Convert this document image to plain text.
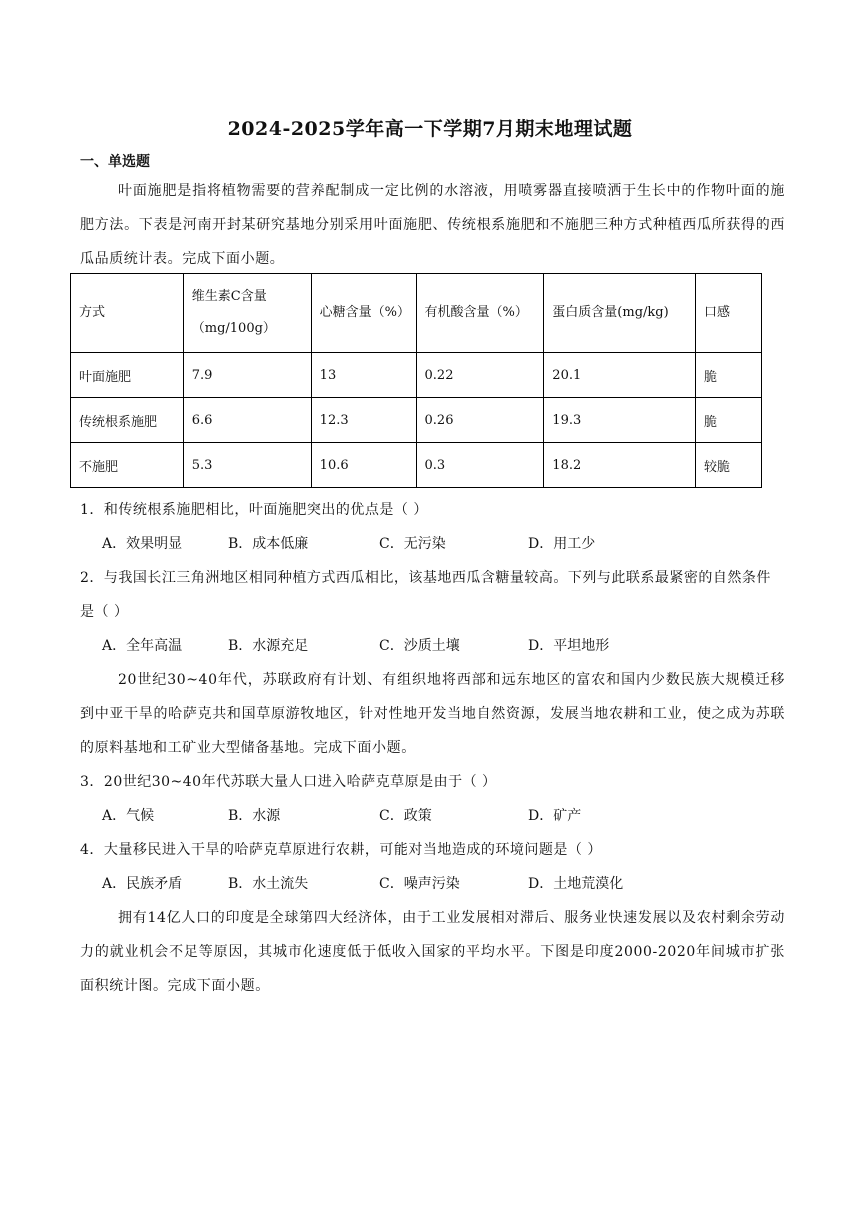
2024-2025学年高一下学期7月期末地理试题
一、单选题
叶面施肥是指将植物需要的营养配制成一定比例的水溶液，用喷雾器直接喷洒于生长中的作物叶面的施肥方法。下表是河南开封某研究基地分别采用叶面施肥、传统根系施肥和不施肥三种方式种植西瓜所获得的西瓜品质统计表。完成下面小题。
方式	维生素C含量（mg/100g）	心糖含量（%）	有机酸含量（%）	蛋白质含量(mg/kg)	口感
叶面施肥	7.9	13	0.22	20.1	脆
传统根系施肥	6.6	12.3	0.26	19.3	脆
不施肥	5.3	10.6	0.3	18.2	较脆
1．和传统根系施肥相比，叶面施肥突出的优点是（ ）
A．效果明显	B．成本低廉	C．无污染	D．用工少
2．与我国长江三角洲地区相同种植方式西瓜相比，该基地西瓜含糖量较高。下列与此联系最紧密的自然条件是（ ）
A．全年高温	B．水源充足	C．沙质土壤	D．平坦地形
20世纪30~40年代，苏联政府有计划、有组织地将西部和远东地区的富农和国内少数民族大规模迁移到中亚干旱的哈萨克共和国草原游牧地区，针对性地开发当地自然资源，发展当地农耕和工业，使之成为苏联的原料基地和工矿业大型储备基地。完成下面小题。
3．20世纪30~40年代苏联大量人口进入哈萨克草原是由于（ ）
A．气候	B．水源	C．政策	D．矿产
4．大量移民进入干旱的哈萨克草原进行农耕，可能对当地造成的环境问题是（ ）
A．民族矛盾	B．水土流失	C．噪声污染	D．土地荒漠化
拥有14亿人口的印度是全球第四大经济体，由于工业发展相对滞后、服务业快速发展以及农村剩余劳动力的就业机会不足等原因，其城市化速度低于低收入国家的平均水平。下图是印度2000-2020年间城市扩张面积统计图。完成下面小题。
